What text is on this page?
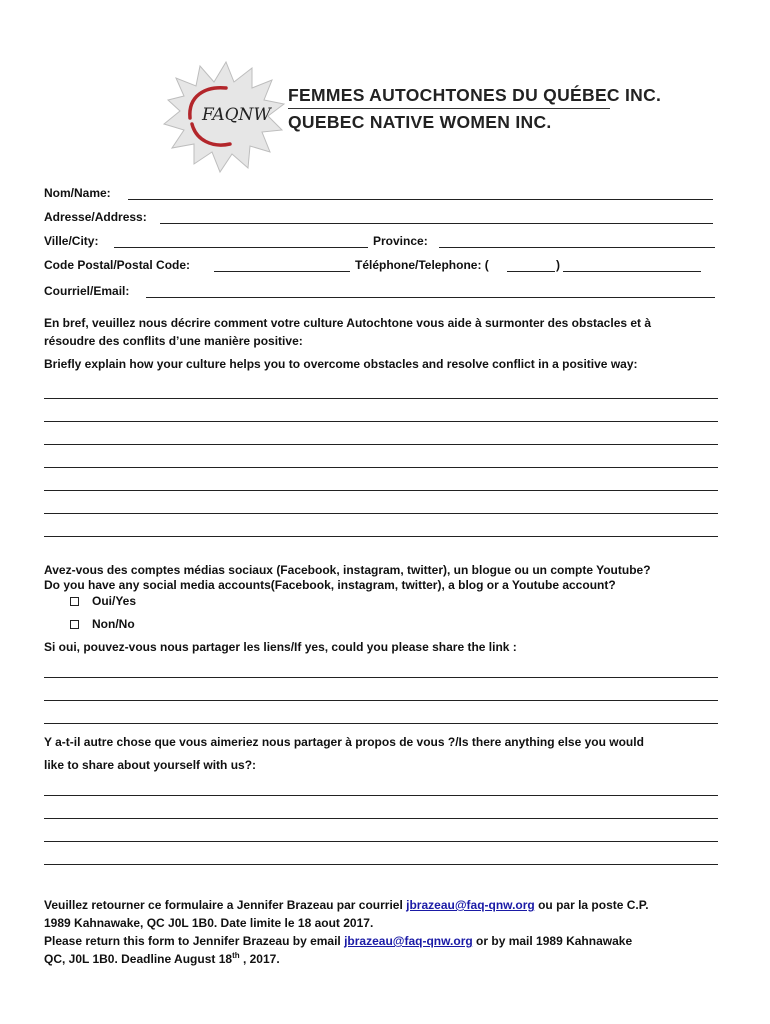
FAQNW
FEMMES AUTOCHTONES DU QUÉBEC INC.
QUEBEC NATIVE WOMEN INC.
Nom/Name:
Adresse/Address:
Ville/City:	Province:
Code Postal/Postal Code:	Téléphone/Telephone: (	)
Courriel/Email:
En bref, veuillez nous décrire comment votre culture Autochtone vous aide à surmonter des obstacles et à
résoudre des conflits d’une manière positive:
Briefly explain how your culture helps you to overcome obstacles and resolve conflict in a positive way:
Avez-vous des comptes médias sociaux (Facebook, instagram, twitter), un blogue ou un compte Youtube?
Do you have any social media accounts(Facebook, instagram, twitter), a blog or a Youtube account?
Oui/Yes
Non/No
Si oui, pouvez-vous nous partager les liens/If yes, could you please share the link :
Y a-t-il autre chose que vous aimeriez nous partager à propos de vous ?/Is there anything else you would
like to share about yourself with us?:
Veuillez retourner ce formulaire a Jennifer Brazeau par courriel jbrazeau@faq-qnw.org ou par la poste C.P.
1989 Kahnawake, QC J0L 1B0. Date limite le 18 aout 2017.
Please return this form to Jennifer Brazeau by email jbrazeau@faq-qnw.org or by mail 1989 Kahnawake
QC, J0L 1B0. Deadline August 18th , 2017.
